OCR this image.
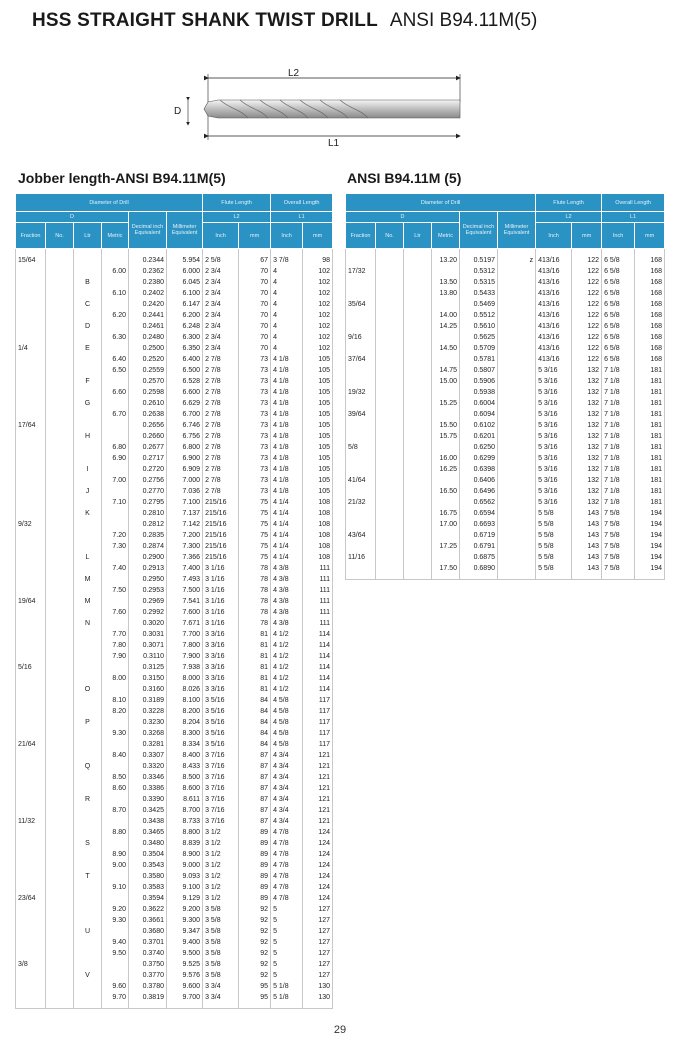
HSS STRAIGHT SHANK TWIST DRILL ANSI B94.11M(5)
L2
L1
D
Jobber length-ANSI B94.11M(5)	ANSI B94.11M (5)
Diameter of Drill						Flute Length		Overall Length	
D				Decimal inch Equivalent	Millimeter Equivalent	L2		L1	
Fraction	No.	Ltr	Metric			Inch	mm	Inch	mm

15/64				0.2344	5.954	2 5/8	67	3 7/8	98
			6.00	0.2362	6.000	2 3/4	70	4	102
		B		0.2380	6.045	2 3/4	70	4	102
			6.10	0.2402	6.100	2 3/4	70	4	102
		C		0.2420	6.147	2 3/4	70	4	102
			6.20	0.2441	6.200	2 3/4	70	4	102
		D		0.2461	6.248	2 3/4	70	4	102
			6.30	0.2480	6.300	2 3/4	70	4	102
1/4		E		0.2500	6.350	2 3/4	70	4	102
			6.40	0.2520	6.400	2 7/8	73	4 1/8	105
			6.50	0.2559	6.500	2 7/8	73	4 1/8	105
		F		0.2570	6.528	2 7/8	73	4 1/8	105
			6.60	0.2598	6.600	2 7/8	73	4 1/8	105
		G		0.2610	6.629	2 7/8	73	4 1/8	105
			6.70	0.2638	6.700	2 7/8	73	4 1/8	105
17/64				0.2656	6.746	2 7/8	73	4 1/8	105
		H		0.2660	6.756	2 7/8	73	4 1/8	105
			6.80	0.2677	6.800	2 7/8	73	4 1/8	105
			6.90	0.2717	6.900	2 7/8	73	4 1/8	105
		I		0.2720	6.909	2 7/8	73	4 1/8	105
			7.00	0.2756	7.000	2 7/8	73	4 1/8	105
		J		0.2770	7.036	2 7/8	73	4 1/8	105
			7.10	0.2795	7.100	215/16	75	4 1/4	108
		K		0.2810	7.137	215/16	75	4 1/4	108
9/32				0.2812	7.142	215/16	75	4 1/4	108
			7.20	0.2835	7.200	215/16	75	4 1/4	108
			7.30	0.2874	7.300	215/16	75	4 1/4	108
		L		0.2900	7.366	215/16	75	4 1/4	108
			7.40	0.2913	7.400	3 1/16	78	4 3/8	111
		M		0.2950	7.493	3 1/16	78	4 3/8	111
			7.50	0.2953	7.500	3 1/16	78	4 3/8	111
19/64		M		0.2969	7.541	3 1/16	78	4 3/8	111
			7.60	0.2992	7.600	3 1/16	78	4 3/8	111
		N		0.3020	7.671	3 1/16	78	4 3/8	111
			7.70	0.3031	7.700	3 3/16	81	4 1/2	114
			7.80	0.3071	7.800	3 3/16	81	4 1/2	114
			7.90	0.3110	7.900	3 3/16	81	4 1/2	114
5/16				0.3125	7.938	3 3/16	81	4 1/2	114
			8.00	0.3150	8.000	3 3/16	81	4 1/2	114
		O		0.3160	8.026	3 3/16	81	4 1/2	114
			8.10	0.3189	8.100	3 5/16	84	4 5/8	117
			8.20	0.3228	8.200	3 5/16	84	4 5/8	117
		P		0.3230	8.204	3 5/16	84	4 5/8	117
			9.30	0.3268	8.300	3 5/16	84	4 5/8	117
21/64				0.3281	8.334	3 5/16	84	4 5/8	117
			8.40	0.3307	8.400	3 7/16	87	4 3/4	121
		Q		0.3320	8.433	3 7/16	87	4 3/4	121
			8.50	0.3346	8.500	3 7/16	87	4 3/4	121
			8.60	0.3386	8.600	3 7/16	87	4 3/4	121
		R		0.3390	8.611	3 7/16	87	4 3/4	121
			8.70	0.3425	8.700	3 7/16	87	4 3/4	121
11/32				0.3438	8.733	3 7/16	87	4 3/4	121
			8.80	0.3465	8.800	3 1/2	89	4 7/8	124
		S		0.3480	8.839	3 1/2	89	4 7/8	124
			8.90	0.3504	8.900	3 1/2	89	4 7/8	124
			9.00	0.3543	9.000	3 1/2	89	4 7/8	124
		T		0.3580	9.093	3 1/2	89	4 7/8	124
			9.10	0.3583	9.100	3 1/2	89	4 7/8	124
23/64				0.3594	9.129	3 1/2	89	4 7/8	124
			9.20	0.3622	9.200	3 5/8	92	5	127
			9.30	0.3661	9.300	3 5/8	92	5	127
		U		0.3680	9.347	3 5/8	92	5	127
			9.40	0.3701	9.400	3 5/8	92	5	127
			9.50	0.3740	9.500	3 5/8	92	5	127
3/8				0.3750	9.525	3 5/8	92	5	127
		V		0.3770	9.576	3 5/8	92	5	127
			9.60	0.3780	9.600	3 3/4	95	5 1/8	130
			9.70	0.3819	9.700	3 3/4	95	5 1/8	130

Diameter of Drill						Flute Length		Overall Length	
D				Decimal inch Equivalent	Millimeter Equivalent	L2		L1	
Fraction	No.	Ltr	Metric			Inch	mm	Inch	mm

			13.20	0.5197	z	413/16	122	6 5/8	168
17/32				0.5312		413/16	122	6 5/8	168
			13.50	0.5315		413/16	122	6 5/8	168
			13.80	0.5433		413/16	122	6 5/8	168
35/64				0.5469		413/16	122	6 5/8	168
			14.00	0.5512		413/16	122	6 5/8	168
			14.25	0.5610		413/16	122	6 5/8	168
9/16				0.5625		413/16	122	6 5/8	168
			14.50	0.5709		413/16	122	6 5/8	168
37/64				0.5781		413/16	122	6 5/8	168
			14.75	0.5807		5 3/16	132	7 1/8	181
			15.00	0.5906		5 3/16	132	7 1/8	181
19/32				0.5938		5 3/16	132	7 1/8	181
			15.25	0.6004		5 3/16	132	7 1/8	181
39/64				0.6094		5 3/16	132	7 1/8	181
			15.50	0.6102		5 3/16	132	7 1/8	181
			15.75	0.6201		5 3/16	132	7 1/8	181
5/8				0.6250		5 3/16	132	7 1/8	181
			16.00	0.6299		5 3/16	132	7 1/8	181
			16.25	0.6398		5 3/16	132	7 1/8	181
41/64				0.6406		5 3/16	132	7 1/8	181
			16.50	0.6496		5 3/16	132	7 1/8	181
21/32				0.6562		5 3/16	132	7 1/8	181
			16.75	0.6594		5 5/8	143	7 5/8	194
			17.00	0.6693		5 5/8	143	7 5/8	194
43/64				0.6719		5 5/8	143	7 5/8	194
			17.25	0.6791		5 5/8	143	7 5/8	194
11/16				0.6875		5 5/8	143	7 5/8	194
			17.50	0.6890		5 5/8	143	7 5/8	194

29
